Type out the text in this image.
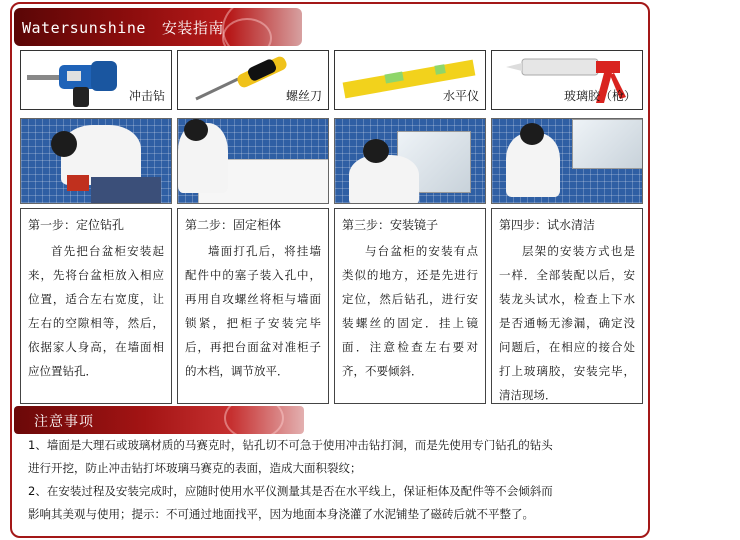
Watersunshine 安装指南
冲击钻	螺丝刀	水平仪	玻璃胶（枪）
第一步：定位钻孔
首先把台盆柜安装起来，先将台盆柜放入相应位置，适合左右宽度，让左右的空隙相等，然后，依据家人身高，在墙面相应位置钻孔．
第二步：固定柜体
墙面打孔后，将挂墙配件中的塞子装入孔中，再用自攻螺丝将柜与墙面锁紧，把柜子安装完毕后，再把台面盆对准柜子的木档，调节放平．
第三步：安装镜子
与台盆柜的安装有点类似的地方，还是先进行定位，然后钻孔，进行安装螺丝的固定．挂上镜面．注意检查左右要对齐，不要倾斜．
第四步：试水清洁
层架的安装方式也是一样．全部装配以后，安装龙头试水，检查上下水是否通畅无渗漏，确定没问题后，在相应的接合处打上玻璃胶，安装完毕，清洁现场．
注意事项
1、墙面是大理石或玻璃材质的马赛克时，钻孔切不可急于使用冲击钻打洞，而是先使用专门钻孔的钻头
进行开挖，防止冲击钻打坏玻璃马赛克的表面，造成大面积裂纹；
2、在安装过程及安装完成时，应随时使用水平仪测量其是否在水平线上，保证柜体及配件等不会倾斜而
影响其美观与使用；提示：不可通过地面找平，因为地面本身浇灌了水泥铺垫了磁砖后就不平整了。
